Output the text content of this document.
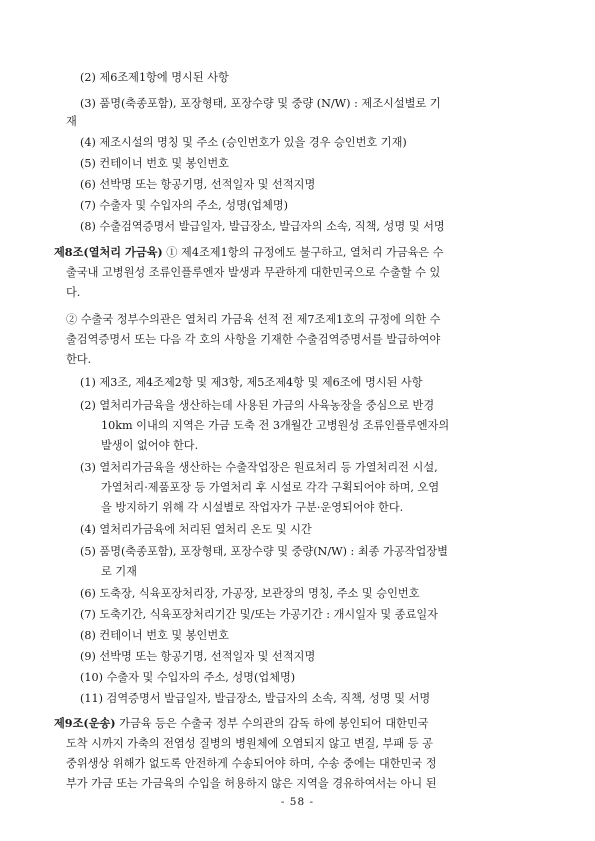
(2) 제6조제1항에 명시된 사항
(3) 품명(축종포함), 포장형태, 포장수량 및 중량 (N/W) : 제조시설별로 기
재
(4) 제조시설의 명칭 및 주소 (승인번호가 있을 경우 승인번호 기재)
(5) 컨테이너 번호 및 봉인번호
(6) 선박명 또는 항공기명, 선적일자 및 선적지명
(7) 수출자 및 수입자의 주소, 성명(업체명)
(8) 수출검역증명서 발급일자, 발급장소, 발급자의 소속, 직책, 성명 및 서명
제8조(열처리 가금육) ① 제4조제1항의 규정에도 불구하고, 열처리 가금육은 수
출국내 고병원성 조류인플루엔자 발생과 무관하게 대한민국으로 수출할 수 있
다.
② 수출국 정부수의관은 열처리 가금육 선적 전 제7조제1호의 규정에 의한 수
출검역증명서 또는 다음 각 호의 사항을 기재한 수출검역증명서를 발급하여야
한다.
(1) 제3조, 제4조제2항 및 제3항, 제5조제4항 및 제6조에 명시된 사항
(2) 열처리가금육을 생산하는데 사용된 가금의 사육농장을 중심으로 반경
10km 이내의 지역은 가금 도축 전 3개월간 고병원성 조류인플루엔자의
발생이 없어야 한다.
(3) 열처리가금육을 생산하는 수출작업장은 원료처리 등 가열처리전 시설,
가열처리·제품포장 등 가열처리 후 시설로 각각 구획되어야 하며, 오염
을 방지하기 위해 각 시설별로 작업자가 구분·운영되어야 한다.
(4) 열처리가금육에 처리된 열처리 온도 및 시간
(5) 품명(축종포함), 포장형태, 포장수량 및 중량(N/W) : 최종 가공작업장별
로 기재
(6) 도축장, 식육포장처리장, 가공장, 보관장의 명칭, 주소 및 승인번호
(7) 도축기간, 식육포장처리기간 및/또는 가공기간 : 개시일자 및 종료일자
(8) 컨테이너 번호 및 봉인번호
(9) 선박명 또는 항공기명, 선적일자 및 선적지명
(10) 수출자 및 수입자의 주소, 성명(업체명)
(11) 검역증명서 발급일자, 발급장소, 발급자의 소속, 직책, 성명 및 서명
제9조(운송) 가금육 등은 수출국 정부 수의관의 감독 하에 봉인되어 대한민국
도착 시까지 가축의 전염성 질병의 병원체에 오염되지 않고 변질, 부패 등 공
중위생상 위해가 없도록 안전하게 수송되어야 하며, 수송 중에는 대한민국 정
부가 가금 또는 가금육의 수입을 허용하지 않은 지역을 경유하여서는 아니 된
- 58 -
